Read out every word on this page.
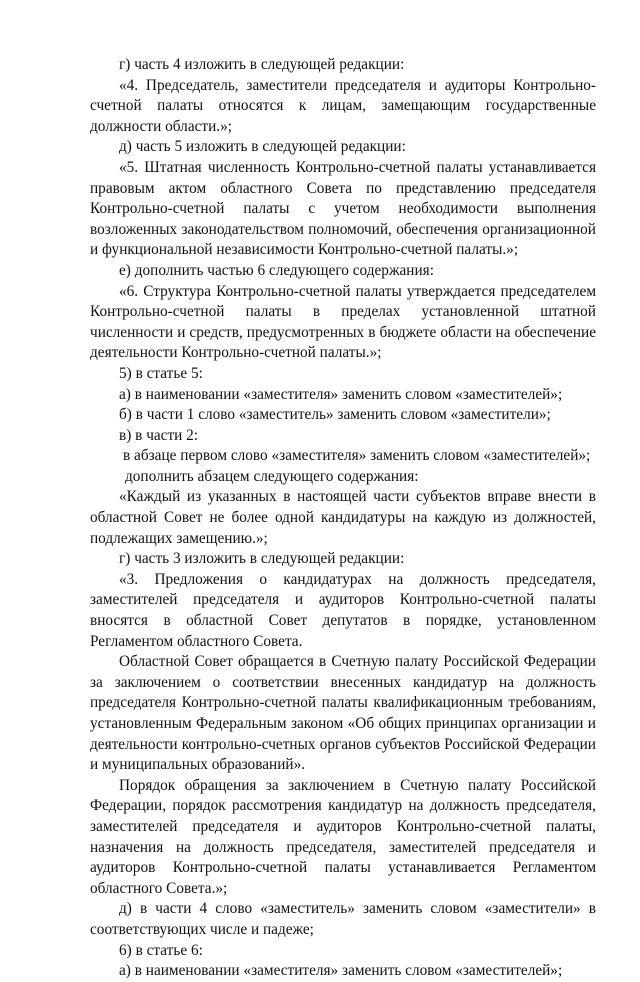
г) часть 4 изложить в следующей редакции:

«4. Председатель, заместители председателя и аудиторы Контрольно-счетной палаты относятся к лицам, замещающим государственные должности области.»;

д) часть 5 изложить в следующей редакции:

«5. Штатная численность Контрольно-счетной палаты устанавливается правовым актом областного Совета по представлению председателя Контрольно-счетной палаты с учетом необходимости выполнения возложенных законодательством полномочий, обеспечения организационной и функциональной независимости Контрольно-счетной палаты.»;

е) дополнить частью 6 следующего содержания:

«6. Структура Контрольно-счетной палаты утверждается председателем Контрольно-счетной палаты в пределах установленной штатной численности и средств, предусмотренных в бюджете области на обеспечение деятельности Контрольно-счетной палаты.»;

5) в статье 5:

а) в наименовании «заместителя» заменить словом «заместителей»;

б) в части 1 слово «заместитель» заменить словом «заместители»;

в) в части 2:

в абзаце первом слово «заместителя» заменить словом «заместителей»;

дополнить абзацем следующего содержания:

«Каждый из указанных в настоящей части субъектов вправе внести в областной Совет не более одной кандидатуры на каждую из должностей, подлежащих замещению.»;

г) часть 3 изложить в следующей редакции:

«3. Предложения о кандидатурах на должность председателя, заместителей председателя и аудиторов Контрольно-счетной палаты вносятся в областной Совет депутатов в порядке, установленном Регламентом областного Совета.

Областной Совет обращается в Счетную палату Российской Федерации за заключением о соответствии внесенных кандидатур на должность председателя Контрольно-счетной палаты квалификационным требованиям, установленным Федеральным законом «Об общих принципах организации и деятельности контрольно-счетных органов субъектов Российской Федерации и муниципальных образований».

Порядок обращения за заключением в Счетную палату Российской Федерации, порядок рассмотрения кандидатур на должность председателя, заместителей председателя и аудиторов Контрольно-счетной палаты, назначения на должность председателя, заместителей председателя и аудиторов Контрольно-счетной палаты устанавливается Регламентом областного Совета.»;

д) в части 4 слово «заместитель» заменить словом «заместители» в соответствующих числе и падеже;

6) в статье 6:

а) в наименовании «заместителя» заменить словом «заместителей»;
